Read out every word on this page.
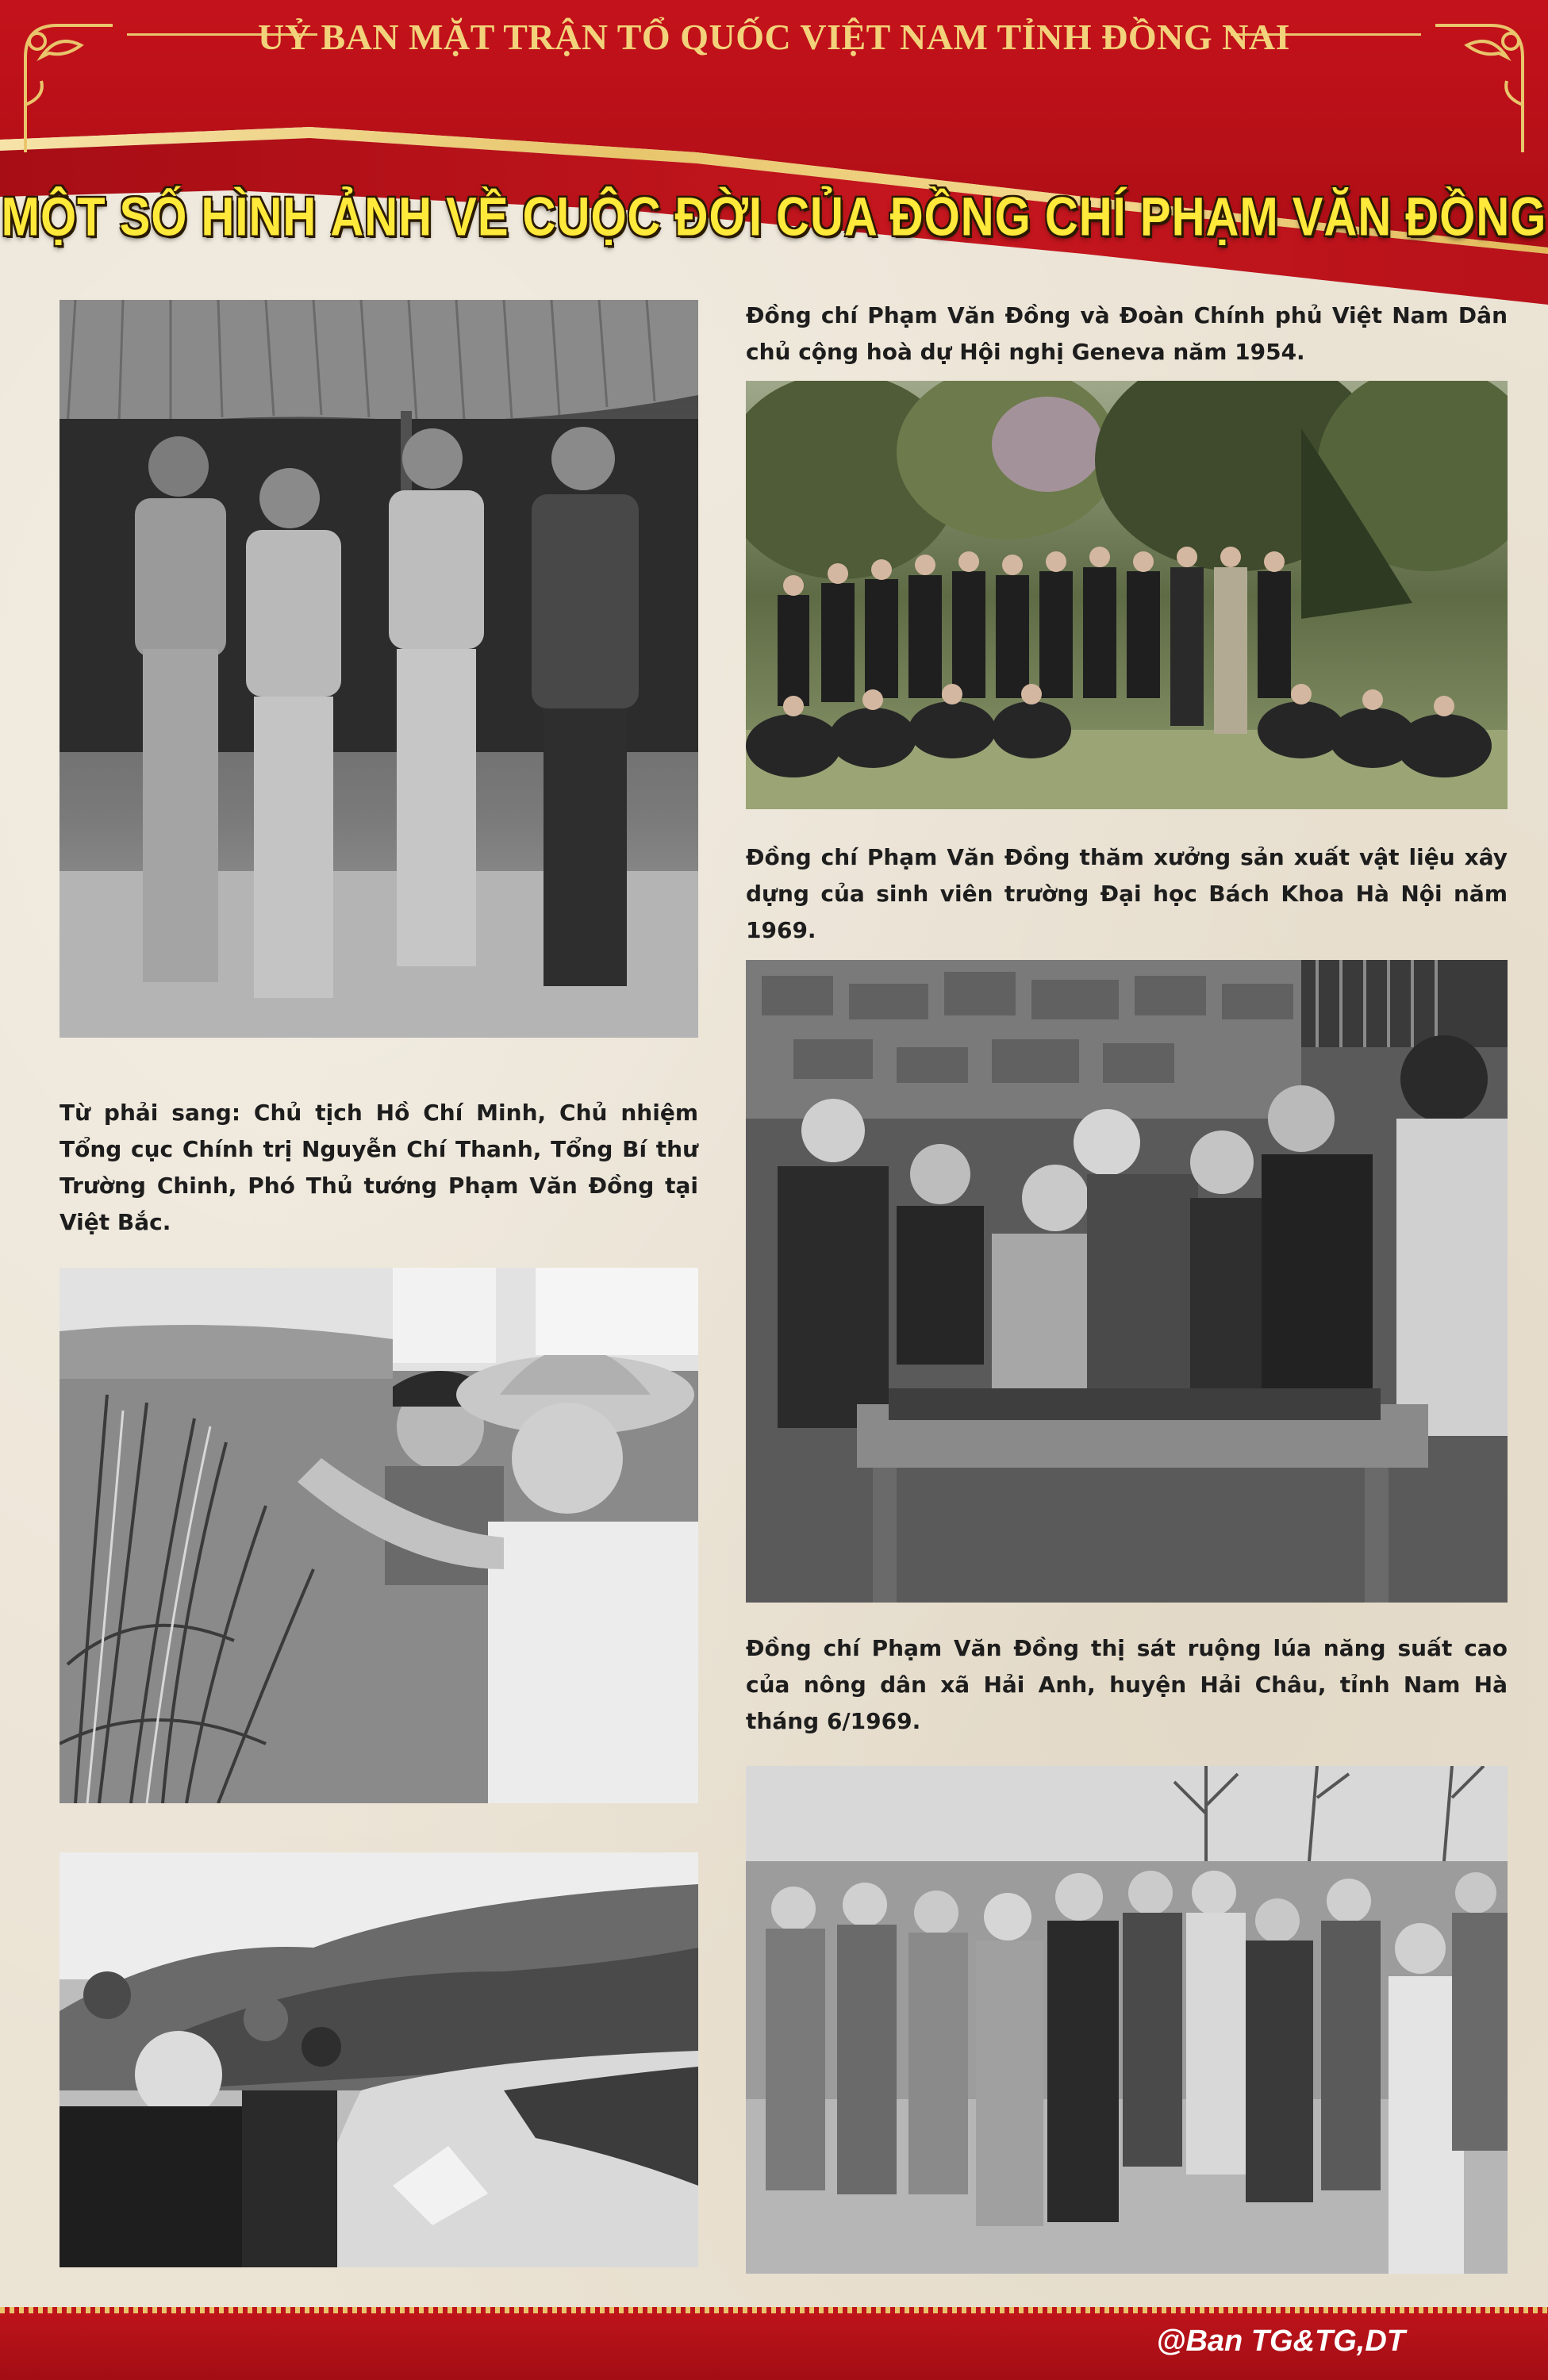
UỶ BAN MẶT TRẬN TỔ QUỐC VIỆT NAM TỈNH ĐỒNG NAI
MỘT SỐ HÌNH ẢNH VỀ CUỘC ĐỜI CỦA ĐỒNG CHÍ PHẠM VĂN ĐỒNG
Từ phải sang: Chủ tịch Hồ Chí Minh, Chủ nhiệm Tổng cục Chính trị Nguyễn Chí Thanh, Tổng Bí thư Trường Chinh, Phó Thủ tướng Phạm Văn Đồng tại Việt Bắc.
Đồng chí Phạm Văn Đồng và Đoàn Chính phủ Việt Nam Dân chủ cộng hoà dự Hội nghị Geneva năm 1954.
Đồng chí Phạm Văn Đồng thăm xưởng sản xuất vật liệu xây dựng của sinh viên trường Đại học Bách Khoa Hà Nội năm 1969.
Đồng chí Phạm Văn Đồng thị sát ruộng lúa năng suất cao của nông dân xã Hải Anh, huyện Hải Châu, tỉnh Nam Hà tháng 6/1969.
@Ban TG&TG,DT
